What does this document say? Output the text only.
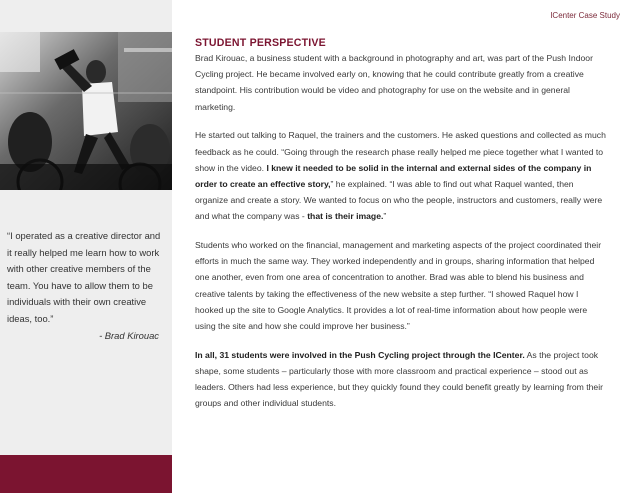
“I operated as a creative director and it really helped me learn how to work with other creative members of the team. You have to allow them to be individuals with their own creative ideas, too.”
- Brad Kirouac
ICenter Case Study
STUDENT PERSPECTIVE

Brad Kirouac, a business student with a background in photography and art, was part of the Push Indoor Cycling project. He became involved early on, knowing that he could contribute greatly from a creative standpoint. His contribution would be video and photography for use on the website and in general marketing.

He started out talking to Raquel, the trainers and the customers. He asked questions and collected as much feedback as he could. “Going through the research phase really helped me piece together what I wanted to show in the video. I knew it needed to be solid in the internal and external sides of the company in order to create an effective story,” he explained. “I was able to find out what Raquel wanted, then organize and create a story. We wanted to focus on who the people, instructors and customers, really were and what the company was - that is their image.”

Students who worked on the financial, management and marketing aspects of the project coordinated their efforts in much the same way. They worked independently and in groups, sharing information that helped one another, even from one area of concentration to another. Brad was able to blend his business and creative talents by taking the effectiveness of the new website a step further. “I showed Raquel how I hooked up the site to Google Analytics. It provides a lot of real-time information about how people were using the site and how she could improve her business.”

In all, 31 students were involved in the Push Cycling project through the ICenter. As the project took shape, some students – particularly those with more classroom and practical experience – stood out as leaders. Others had less experience, but they quickly found they could benefit greatly by learning from their groups and other individual students.
